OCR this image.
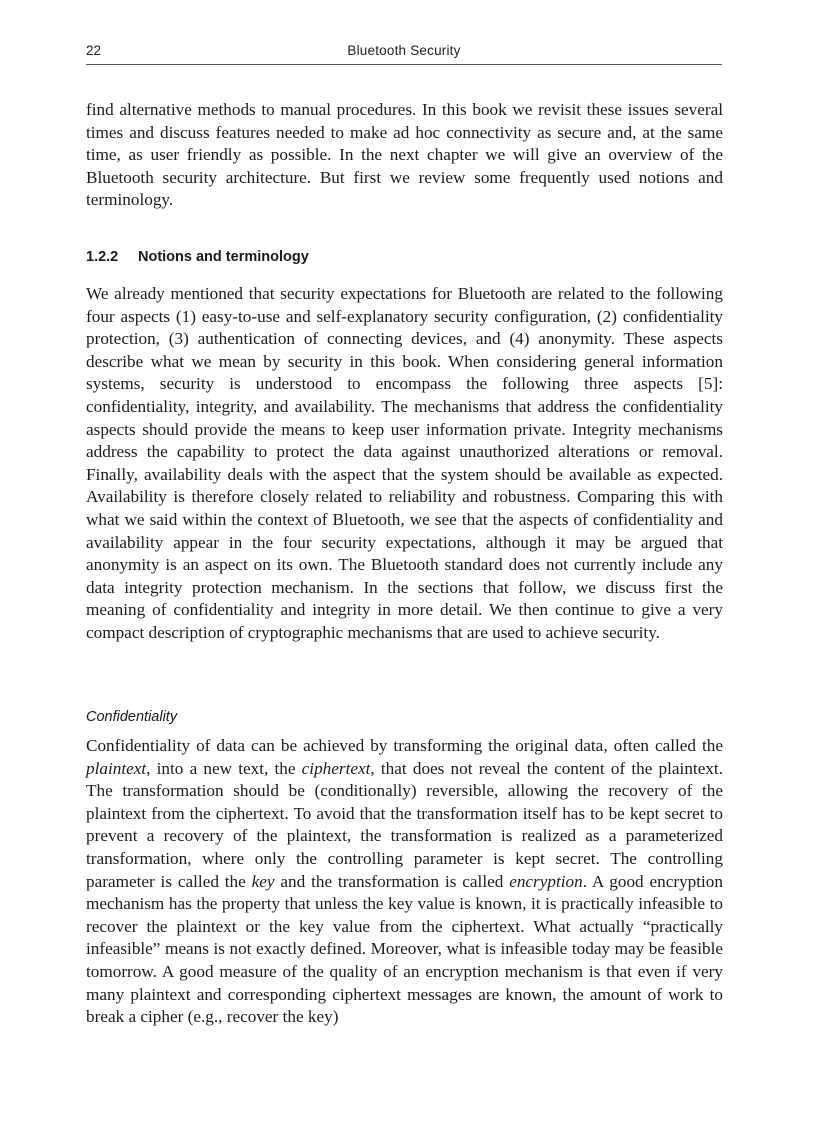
22	Bluetooth Security

find alternative methods to manual procedures. In this book we revisit these issues several times and discuss features needed to make ad hoc connectivity as secure and, at the same time, as user friendly as possible. In the next chapter we will give an overview of the Bluetooth security architecture. But first we review some frequently used notions and terminology.

1.2.2 Notions and terminology

We already mentioned that security expectations for Bluetooth are related to the following four aspects (1) easy-to-use and self-explanatory security configuration, (2) confidentiality protection, (3) authentication of connecting devices, and (4) anonymity. These aspects describe what we mean by security in this book. When considering general information systems, security is understood to encompass the following three aspects [5]: confidentiality, integrity, and availability. The mechanisms that address the confidentiality aspects should provide the means to keep user information private. Integrity mechanisms address the capability to protect the data against unauthorized alterations or removal. Finally, availability deals with the aspect that the system should be available as expected. Availability is therefore closely related to reliability and robustness. Comparing this with what we said within the context of Bluetooth, we see that the aspects of confidentiality and availability appear in the four security expectations, although it may be argued that anonymity is an aspect on its own. The Bluetooth standard does not currently include any data integrity protection mechanism. In the sections that follow, we discuss first the meaning of confidentiality and integrity in more detail. We then continue to give a very compact description of cryptographic mechanisms that are used to achieve security.

Confidentiality

Confidentiality of data can be achieved by transforming the original data, often called the plaintext, into a new text, the ciphertext, that does not reveal the content of the plaintext. The transformation should be (conditionally) reversible, allowing the recovery of the plaintext from the ciphertext. To avoid that the transformation itself has to be kept secret to prevent a recovery of the plaintext, the transformation is realized as a parameterized transformation, where only the controlling parameter is kept secret. The controlling parameter is called the key and the transformation is called encryption. A good encryption mechanism has the property that unless the key value is known, it is practically infeasible to recover the plaintext or the key value from the ciphertext. What actually “practically infeasible” means is not exactly defined. Moreover, what is infeasible today may be feasible tomorrow. A good measure of the quality of an encryption mechanism is that even if very many plaintext and corresponding ciphertext messages are known, the amount of work to break a cipher (e.g., recover the key)
